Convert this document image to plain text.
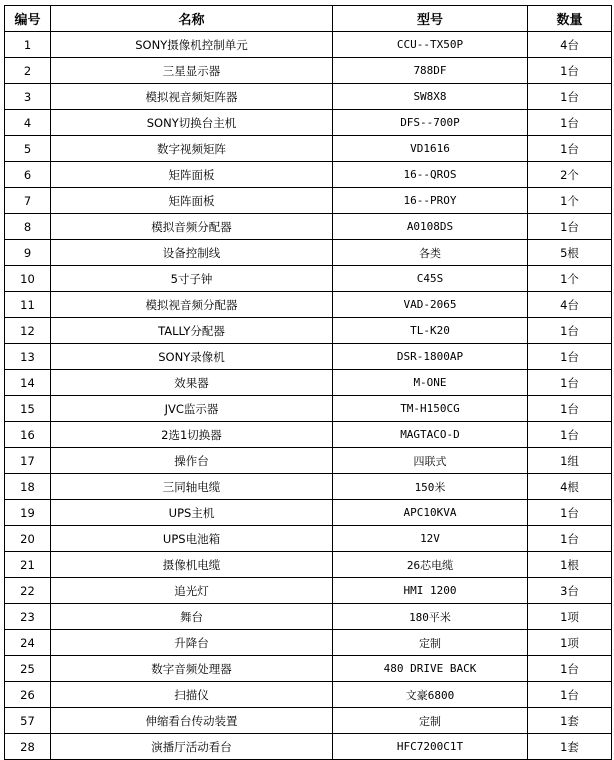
编号	名称	型号	数量
1	SONY摄像机控制单元	CCU--TX50P	4台
2	三星显示器	788DF	1台
3	模拟视音频矩阵器	SW8X8	1台
4	SONY切换台主机	DFS--700P	1台
5	数字视频矩阵	VD1616	1台
6	矩阵面板	16--QROS	2个
7	矩阵面板	16--PROY	1个
8	模拟音频分配器	A0108DS	1台
9	设备控制线	各类	5根
10	5寸子钟	C45S	1个
11	模拟视音频分配器	VAD-2065	4台
12	TALLY分配器	TL-K20	1台
13	SONY录像机	DSR-1800AP	1台
14	效果器	M-ONE	1台
15	JVC监示器	TM-H150CG	1台
16	2选1切换器	MAGTACO-D	1台
17	操作台	四联式	1组
18	三同轴电缆	150米	4根
19	UPS主机	APC10KVA	1台
20	UPS电池箱	12V	1台
21	摄像机电缆	26芯电缆	1根
22	追光灯	HMI 1200	3台
23	舞台	180平米	1项
24	升降台	定制	1项
25	数字音频处理器	480 DRIVE BACK	1台
26	扫描仪	文豪6800	1台
57	伸缩看台传动装置	定制	1套
28	演播厅活动看台	HFC7200C1T	1套
